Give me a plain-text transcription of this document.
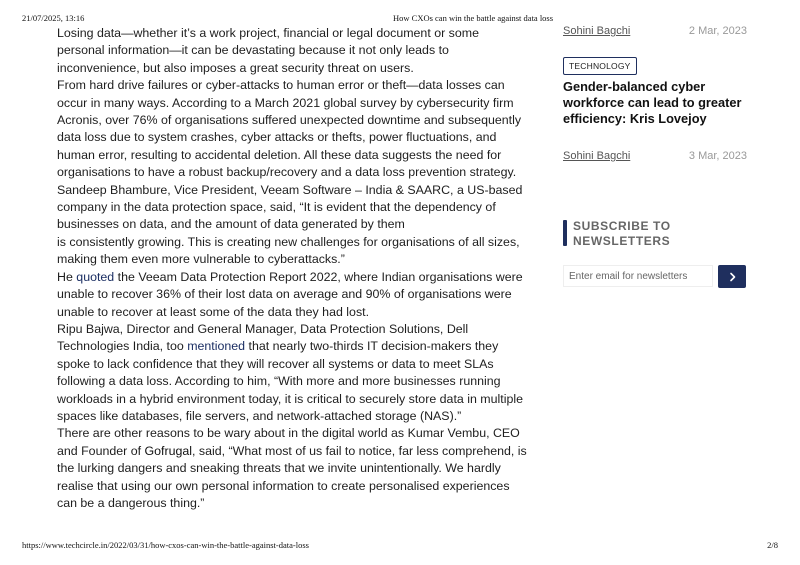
21/07/2025, 13:16	How CXOs can win the battle against data loss

Losing data—whether it’s a work project, financial or legal document or some personal information—it can be devastating because it not only leads to inconvenience, but also imposes a great security threat on users.

From hard drive failures or cyber-attacks to human error or theft—data losses can occur in many ways. According to a March 2021 global survey by cybersecurity firm Acronis, over 76% of organisations suffered unexpected downtime and subsequently data loss due to system crashes, cyber attacks or thefts, power fluctuations, and human error, resulting to accidental deletion. All these data suggests the need for organisations to have a robust backup/recovery and a data loss prevention strategy.

Sandeep Bhambure, Vice President, Veeam Software – India & SAARC, a US-based company in the data protection space, said, “It is evident that the dependency of businesses on data, and the amount of data generated by them

is consistently growing. This is creating new challenges for organisations of all sizes, making them even more vulnerable to cyberattacks.”

He quoted the Veeam Data Protection Report 2022, where Indian organisations were unable to recover 36% of their lost data on average and 90% of organisations were unable to recover at least some of the data they had lost.

Ripu Bajwa, Director and General Manager, Data Protection Solutions, Dell Technologies India, too mentioned that nearly two-thirds IT decision-makers they spoke to lack confidence that they will recover all systems or data to meet SLAs following a data loss. According to him, “With more and more businesses running workloads in a hybrid environment today, it is critical to securely store data in multiple spaces like databases, file servers, and network-attached storage (NAS).”

There are other reasons to be wary about in the digital world as Kumar Vembu, CEO and Founder of Gofrugal, said, “What most of us fail to notice, far less comprehend, is the lurking dangers and sneaking threats that we invite unintentionally. We hardly realise that using our own personal information to create personalised experiences can be a dangerous thing.”

Sohini Bagchi	2 Mar, 2023
TECHNOLOGY
Gender-balanced cyber workforce can lead to greater efficiency: Kris Lovejoy
Sohini Bagchi	3 Mar, 2023
SUBSCRIBE TO NEWSLETTERS
Enter email for newsletters
https://www.techcircle.in/2022/03/31/how-cxos-can-win-the-battle-against-data-loss	2/8
